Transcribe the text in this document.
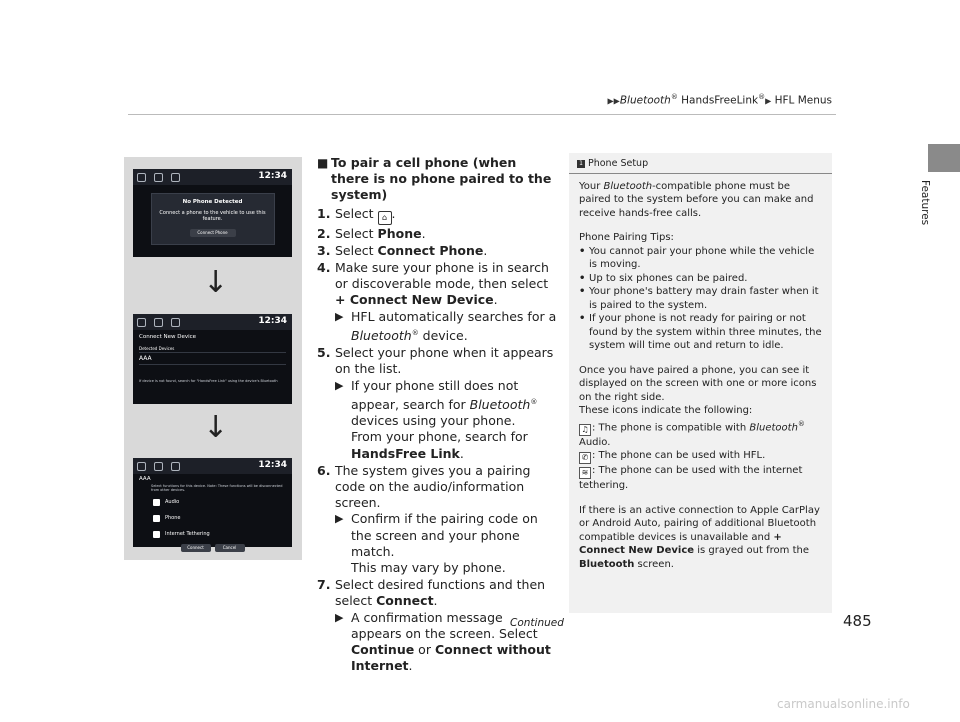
▶▶Bluetooth® HandsFreeLink®▶ HFL Menus
Features
12:34
No Phone Detected
Connect a phone to the vehicle to use this feature.
Connect Phone
↓
12:34
Connect New Device
Detected Devices
AAA
If device is not found, search for "HandsFree Link" using the device's Bluetooth
↓
12:34
AAA
Select functions for this device. Note: These functions will be disconnected from other devices.
Audio
Phone
Internet Tethering
Connect	Cancel
■ To pair a cell phone (when there is no phone paired to the system)
1. Select ⌂ .
2. Select Phone.
3. Select Connect Phone.
4. Make sure your phone is in search or discoverable mode, then select + Connect New Device.
▶ HFL automatically searches for a Bluetooth® device.
5. Select your phone when it appears on the list.
▶ If your phone still does not appear, search for Bluetooth® devices using your phone.
From your phone, search for HandsFree Link.
6. The system gives you a pairing code on the audio/information screen.
▶ Confirm if the pairing code on the screen and your phone match.
This may vary by phone.
7. Select desired functions and then select Connect.
▶ A confirmation message appears on the screen. Select Continue or Connect without Internet.
1 Phone Setup

Your Bluetooth-compatible phone must be paired to the system before you can make and receive hands-free calls.

Phone Pairing Tips:
• You cannot pair your phone while the vehicle is moving.
• Up to six phones can be paired.
• Your phone's battery may drain faster when it is paired to the system.

• If your phone is not ready for pairing or not found by the system within three minutes, the system will time out and return to idle.

Once you have paired a phone, you can see it displayed on the screen with one or more icons on the right side.
These icons indicate the following:
♫ : The phone is compatible with Bluetooth® Audio.
✆ : The phone can be used with HFL.

≋ : The phone can be used with the internet tethering.

If there is an active connection to Apple CarPlay or Android Auto, pairing of additional Bluetooth compatible devices is unavailable and + Connect New Device is grayed out from the Bluetooth screen.

Continued	485
carmanualsonline.info
